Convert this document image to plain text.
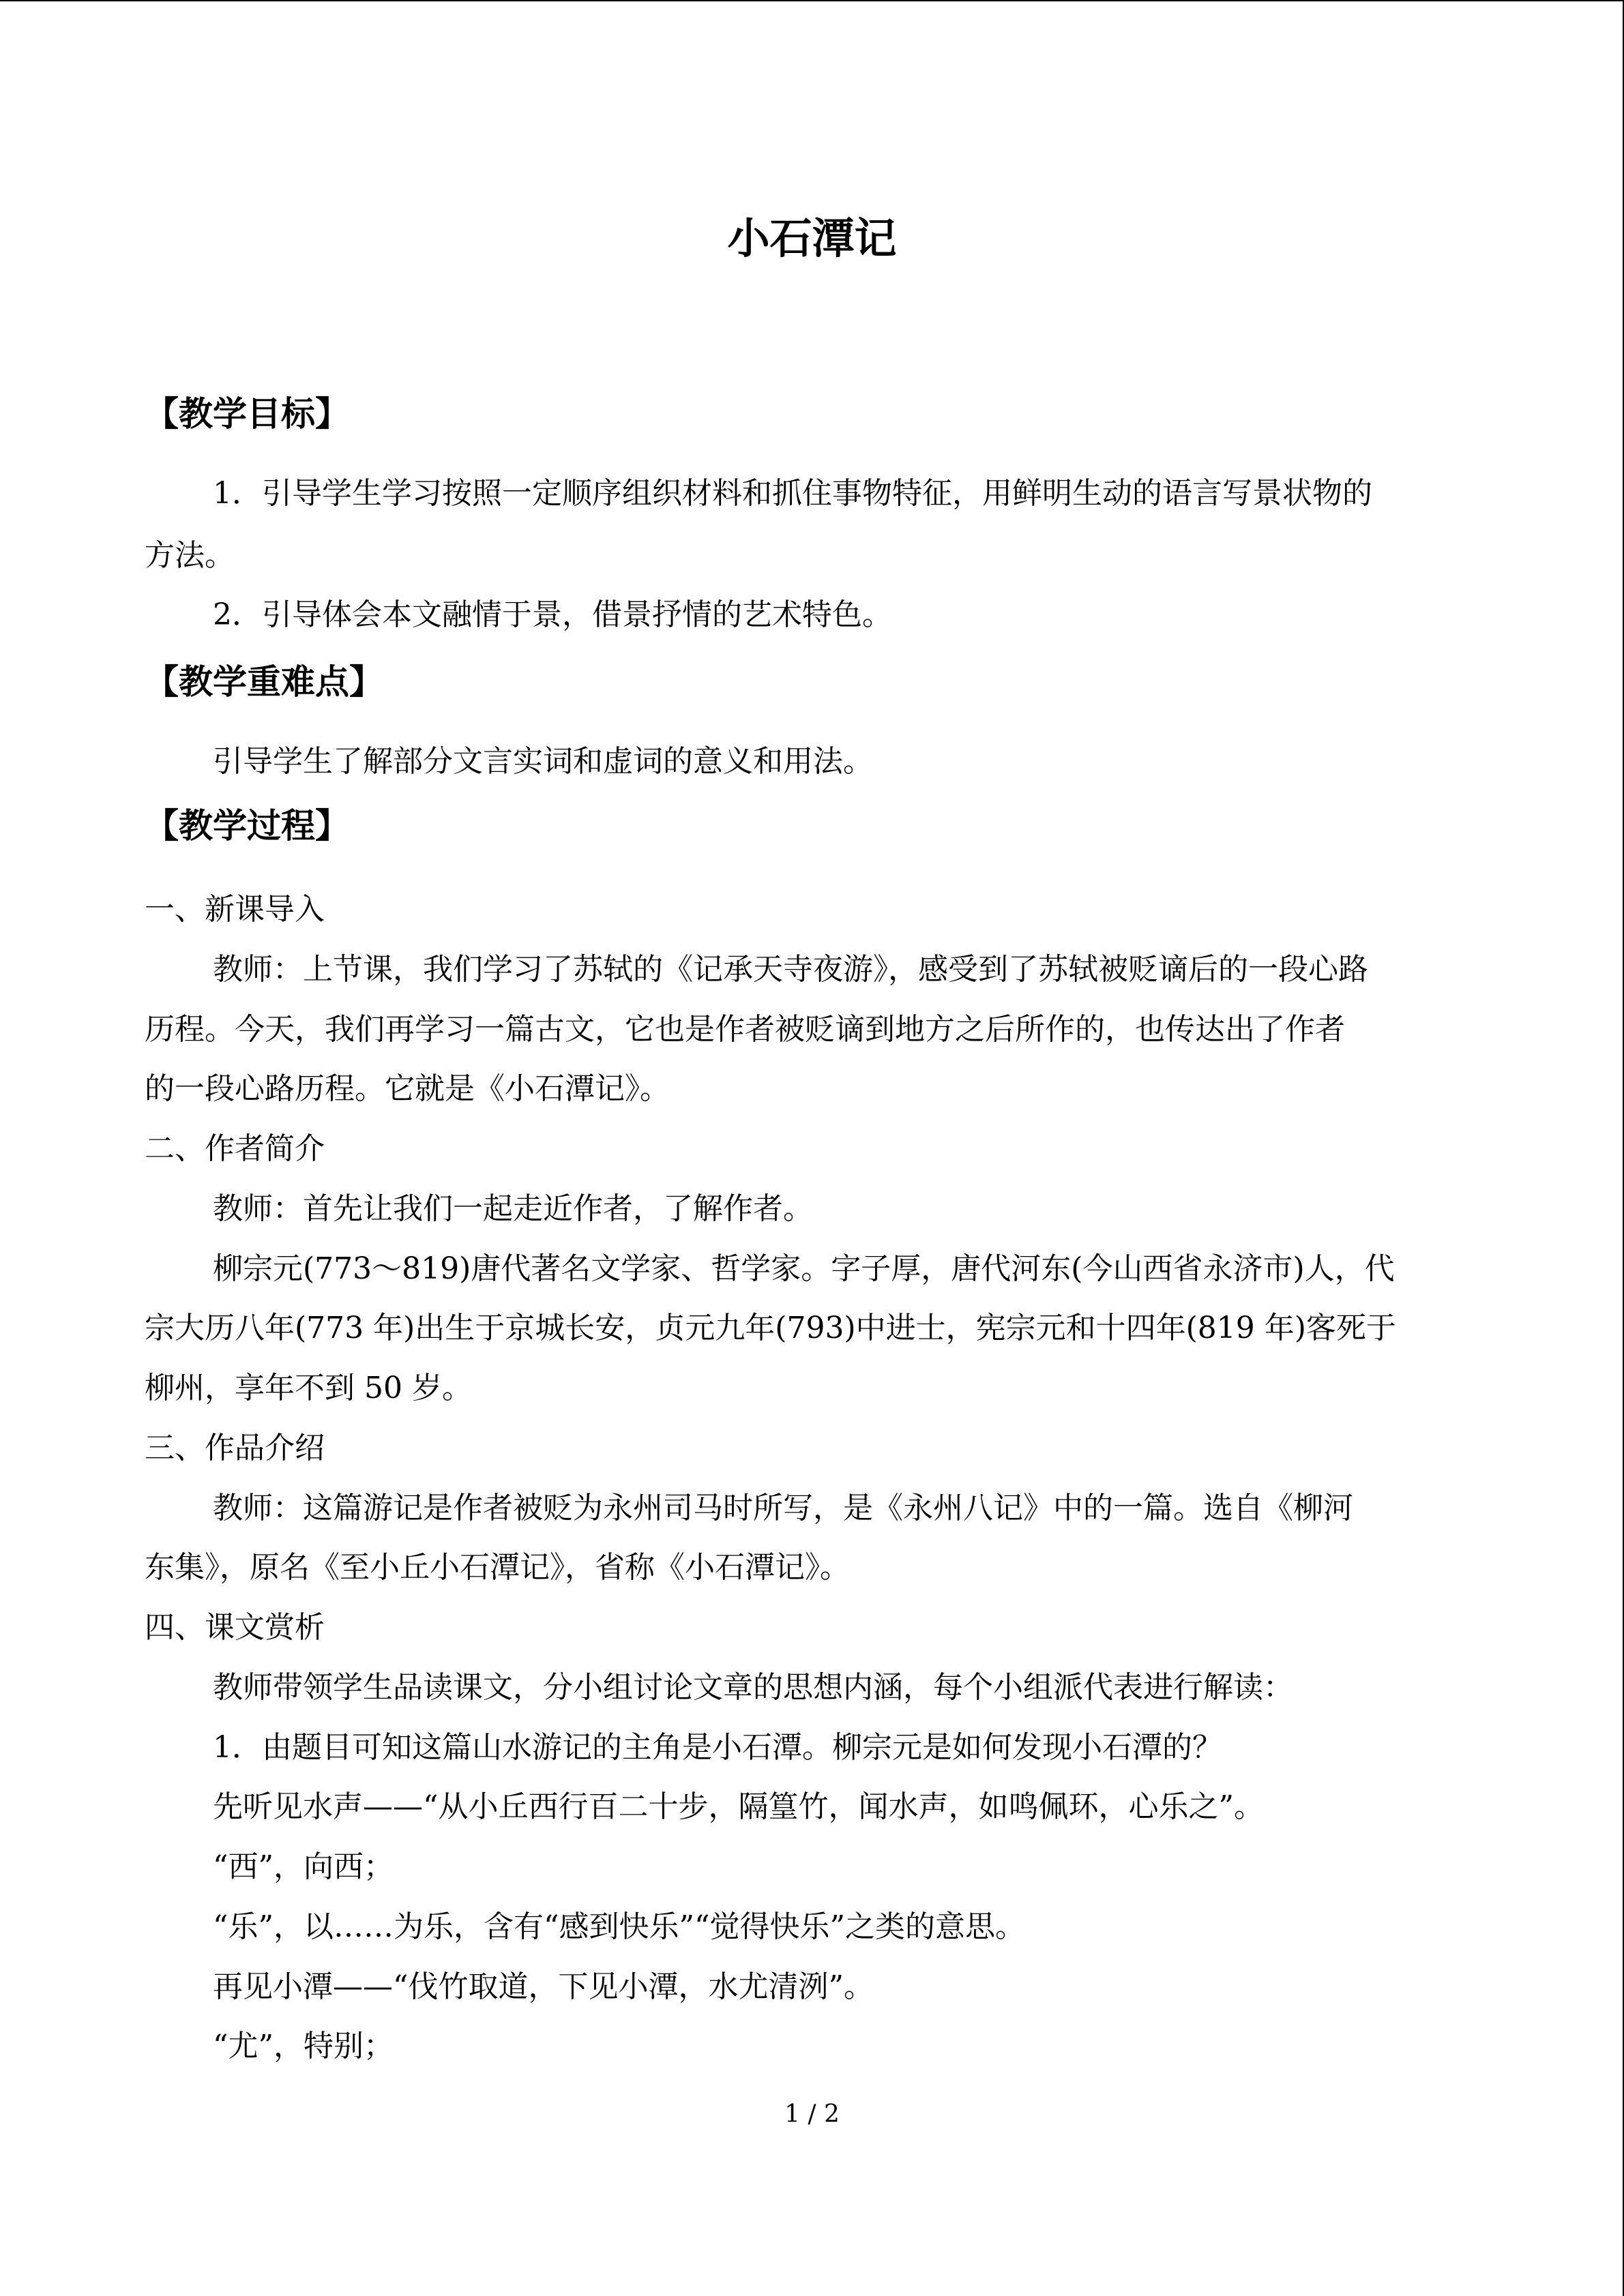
小石潭记
【教学目标】
1．引导学生学习按照一定顺序组织材料和抓住事物特征，用鲜明生动的语言写景状物的
方法。
2．引导体会本文融情于景，借景抒情的艺术特色。
【教学重难点】
引导学生了解部分文言实词和虚词的意义和用法。
【教学过程】
一、新课导入
教师：上节课，我们学习了苏轼的《记承天寺夜游》，感受到了苏轼被贬谪后的一段心路
历程。今天，我们再学习一篇古文，它也是作者被贬谪到地方之后所作的，也传达出了作者
的一段心路历程。它就是《小石潭记》。
二、作者简介
教师：首先让我们一起走近作者，了解作者。
柳宗元(773～819)唐代著名文学家、哲学家。字子厚，唐代河东(今山西省永济市)人，代
宗大历八年(773 年)出生于京城长安，贞元九年(793)中进士，宪宗元和十四年(819 年)客死于
柳州，享年不到 50 岁。
三、作品介绍
教师：这篇游记是作者被贬为永州司马时所写，是《永州八记》中的一篇。选自《柳河
东集》，原名《至小丘小石潭记》，省称《小石潭记》。
四、课文赏析
教师带领学生品读课文，分小组讨论文章的思想内涵，每个小组派代表进行解读：
1．由题目可知这篇山水游记的主角是小石潭。柳宗元是如何发现小石潭的？
先听见水声——“从小丘西行百二十步，隔篁竹，闻水声，如鸣佩环，心乐之”。
“西”，向西；
“乐”，以……为乐，含有“感到快乐”“觉得快乐”之类的意思。
再见小潭——“伐竹取道，下见小潭，水尤清洌”。
“尤”，特别；
1 / 2
